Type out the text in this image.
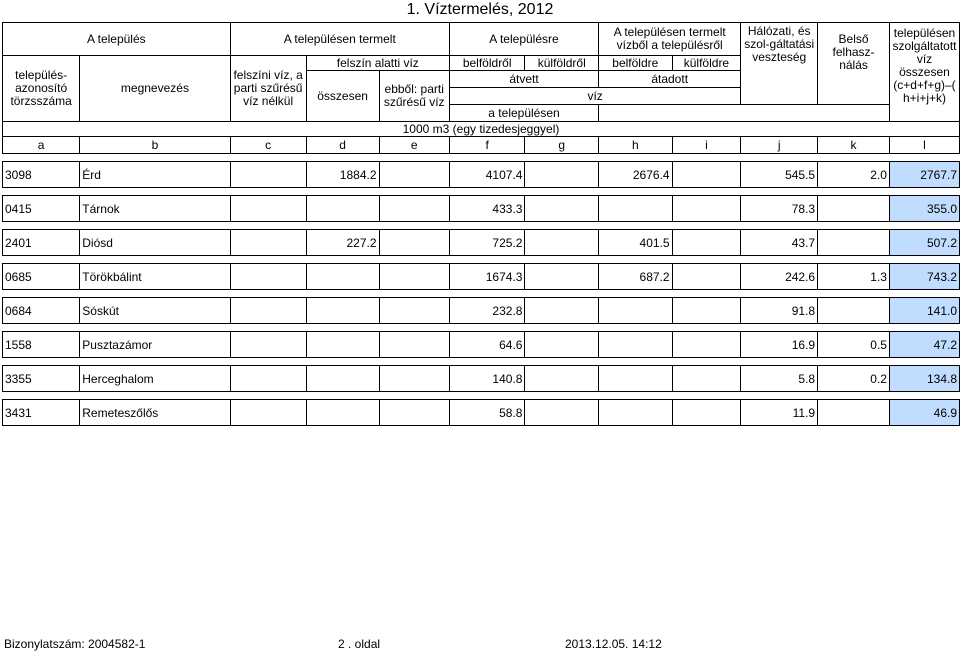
1. Víztermelés, 2012
A település		A településen termelt			A településre		A településen termelt vízből a településről		Hálózati, és szol-gáltatási veszteség	Belső felhasz-nálás	településen szolgáltatott víz összesen (c+d+f+g)–( h+i+j+k)
település-azonosító törzsszáma	megnevezés	felszíni víz, a parti szűrésű víz nélkül	felszín alatti víz		belföldről	külföldről	belföldre	külföldre			
			összesen	ebből: parti szűrésű víz	átvett		átadott				
					víz						
					a településen						
1000 m3 (egy tizedesjeggyel)											
a	b	c	d	e	f	g	h	i	j	k	l

3098	Érd		1884.2		4107.4		2676.4		545.5	2.0	2767.7

0415	Tárnok				433.3				78.3		355.0

2401	Diósd		227.2		725.2		401.5		43.7		507.2

0685	Törökbálint				1674.3		687.2		242.6	1.3	743.2

0684	Sóskút				232.8				91.8		141.0

1558	Pusztazámor				64.6				16.9	0.5	47.2

3355	Herceghalom				140.8				5.8	0.2	134.8

3431	Remeteszőlős				58.8				11.9		46.9
Bizonylatszám: 2004582-1	2 . oldal	2013.12.05. 14:12
